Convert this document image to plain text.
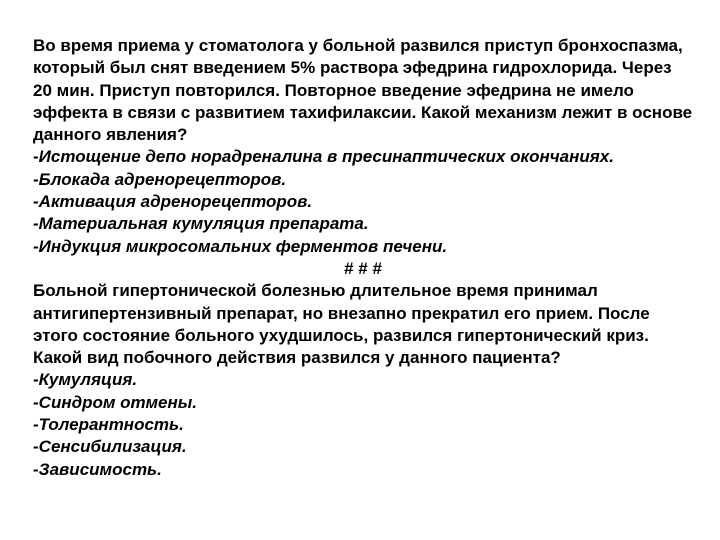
Во время приема у стоматолога у больной развился приступ бронхоспазма, который был снят введением 5% раствора эфедрина гидрохлорида. Через 20 мин. Приступ повторился. Повторное введение эфедрина не имело эффекта в связи с развитием тахифилаксии. Какой механизм лежит в основе данного явления?

-Истощение депо норадреналина в пресинаптических окончаниях.

-Блокада адренорецепторов.

-Активация адренорецепторов.

-Материальная кумуляция препарата.

-Индукция микросомальних ферментов печени.

# # #

Больной гипертонической болезнью длительное время принимал антигипертензивный препарат, но внезапно прекратил его прием. После этого состояние больного ухудшилось, развился гипертонический криз. Какой вид побочного действия развился у данного пациента?

-Кумуляция.

-Синдром отмены.

-Толерантность.

-Сенсибилизация.

-Зависимость.
